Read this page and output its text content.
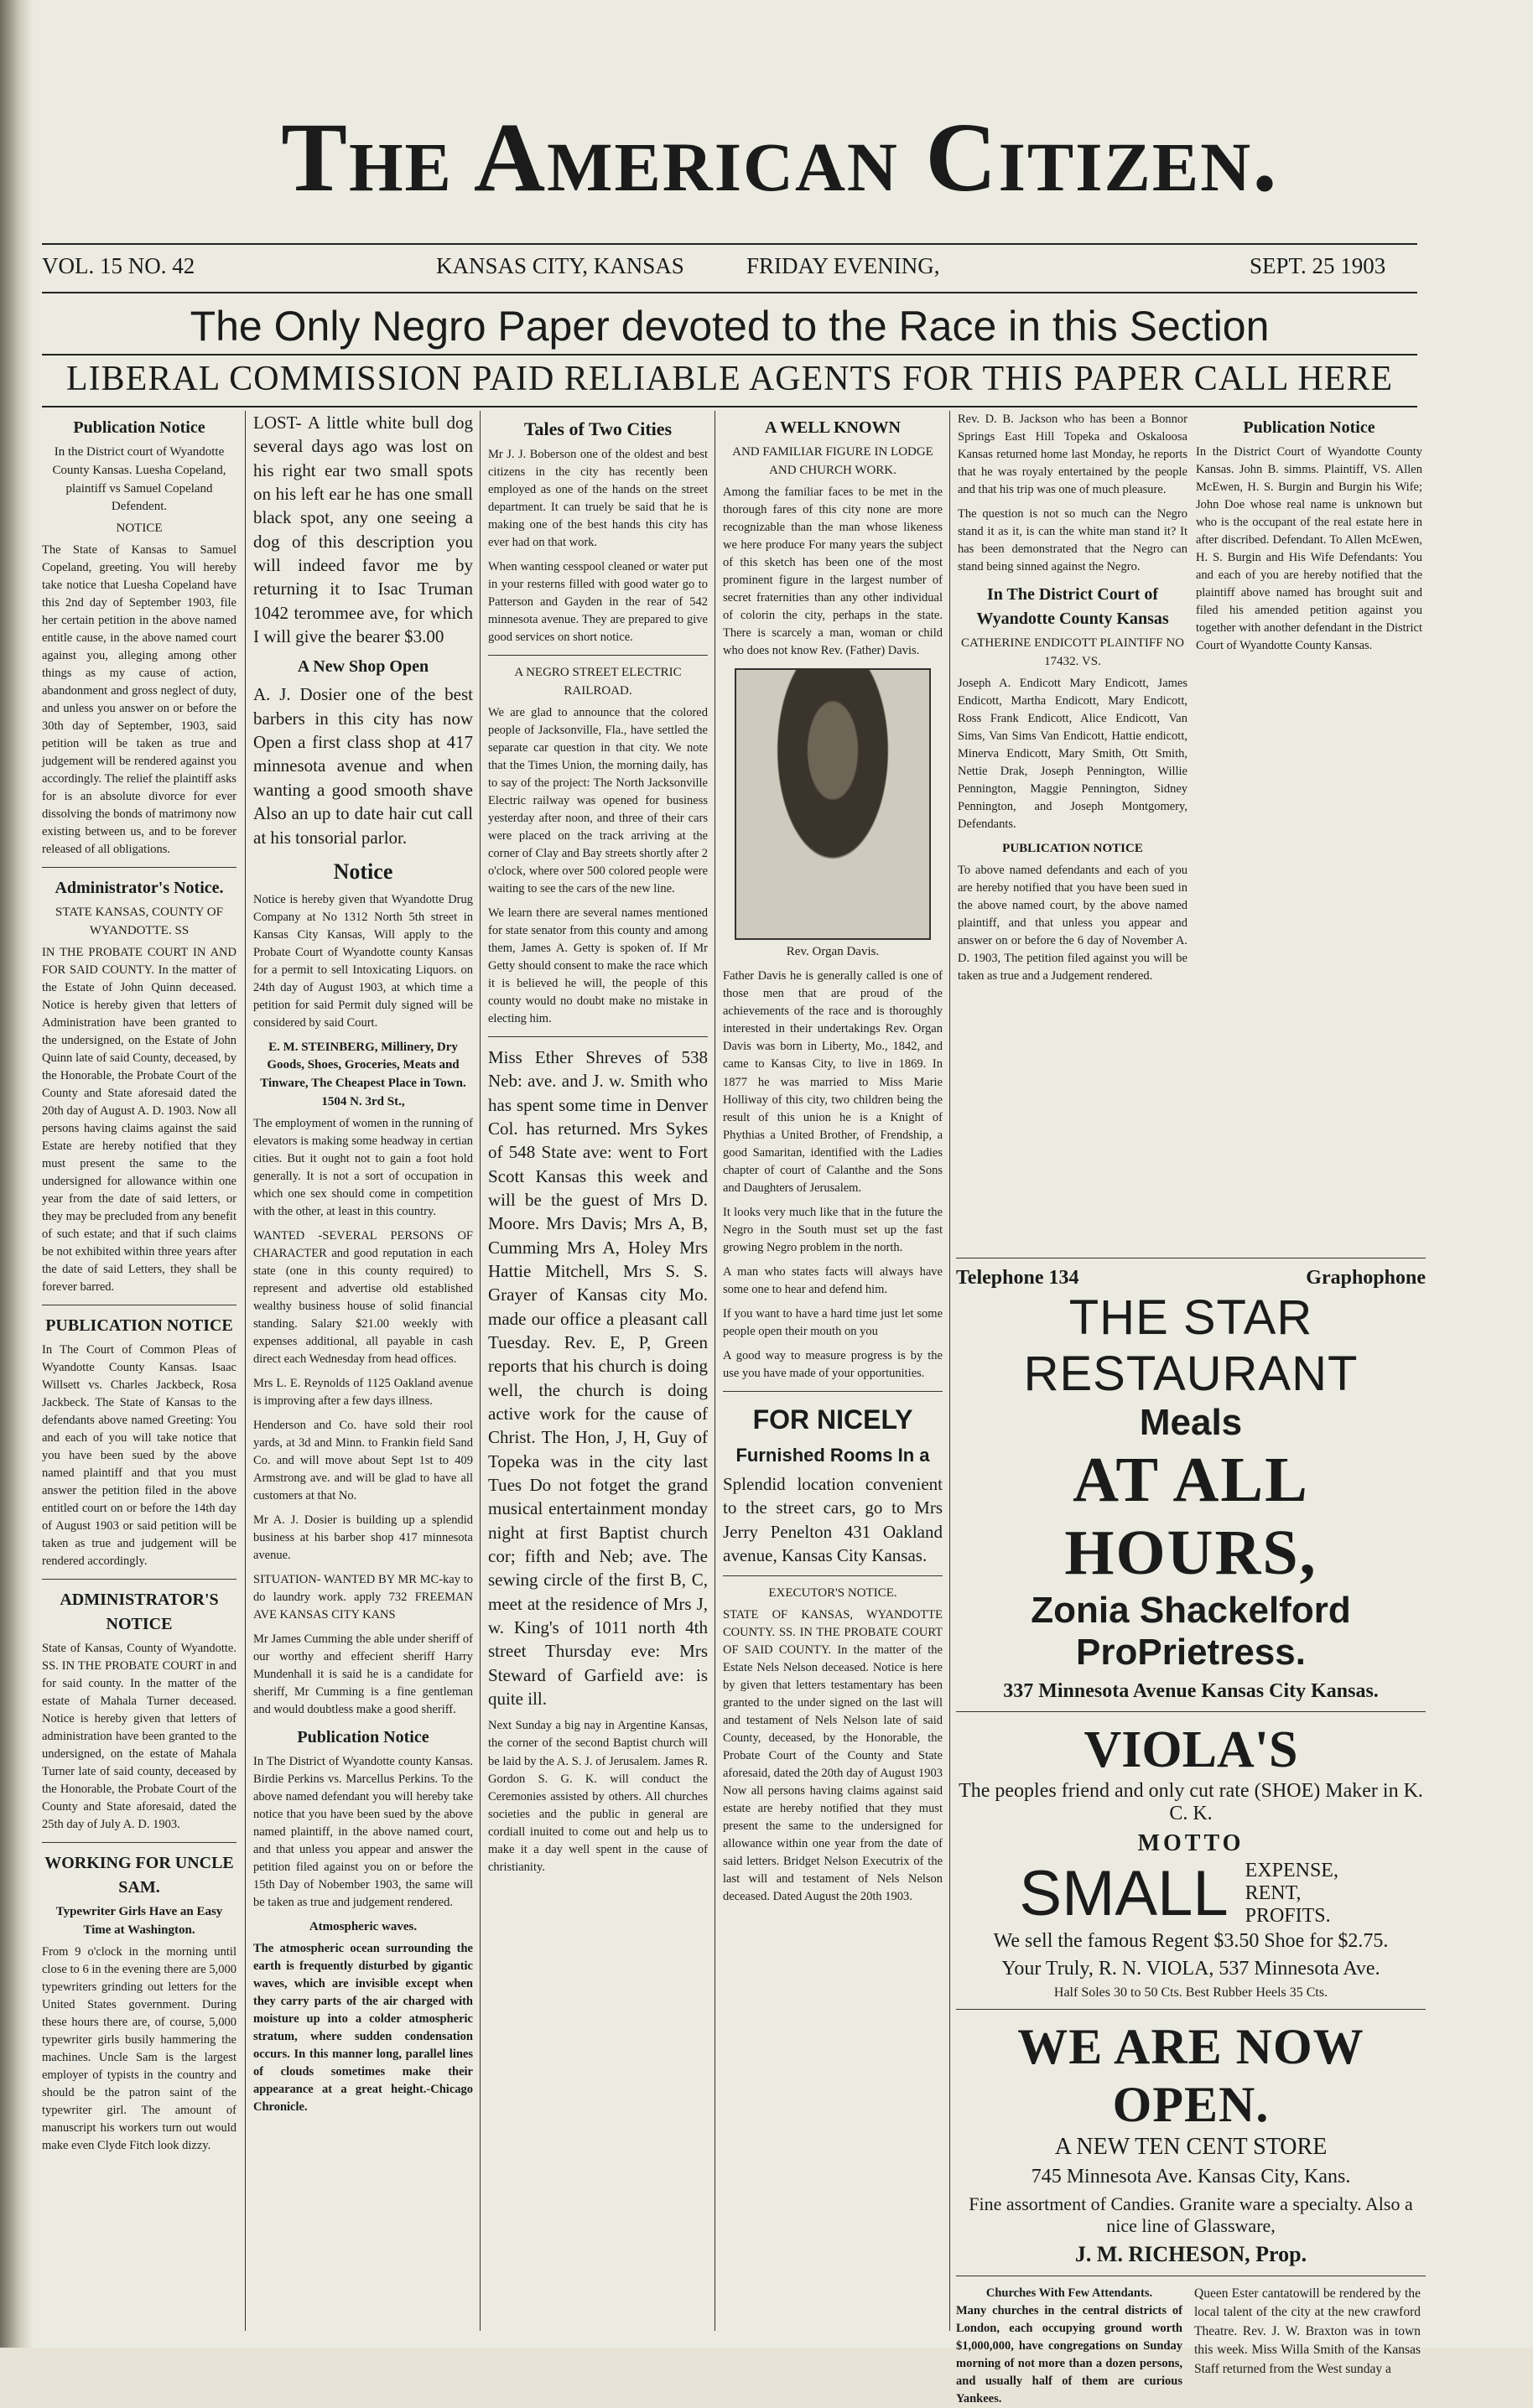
The American Citizen.
VOL. 15 NO. 42	KANSAS CITY, KANSAS	FRIDAY EVENING,	SEPT. 25 1903
The Only Negro Paper devoted to the Race in this Section
LIBERAL COMMISSION PAID RELIABLE AGENTS FOR THIS PAPER CALL HERE
Publication Notice
In the District court of Wyandotte County Kansas. Luesha Copeland, plaintiff vs Samuel Copeland Defendent.
NOTICE

The State of Kansas to Samuel Copeland, greeting. You will hereby take notice that Luesha Copeland have this 2nd day of September 1903, file her certain petition in the above named entitle cause, in the above named court against you, alleging among other things as my cause of action, abandonment and gross neglect of duty, and unless you answer on or before the 30th day of September, 1903, said petition will be taken as true and judgement will be rendered against you accordingly. The relief the plaintiff asks for is an absolute divorce for ever dissolving the bonds of matrimony now existing between us, and to be forever released of all obligations.

Administrator's Notice.
STATE KANSAS, COUNTY OF WYANDOTTE. SS

IN THE PROBATE COURT IN AND FOR SAID COUNTY. In the matter of the Estate of John Quinn deceased. Notice is hereby given that letters of Administration have been granted to the undersigned, on the Estate of John Quinn late of said County, deceased, by the Honorable, the Probate Court of the County and State aforesaid dated the 20th day of August A. D. 1903. Now all persons having claims against the said Estate are hereby notified that they must present the same to the undersigned for allowance within one year from the date of said letters, or they may be precluded from any benefit of such estate; and that if such claims be not exhibited within three years after the date of said Letters, they shall be forever barred.

PUBLICATION NOTICE

In The Court of Common Pleas of Wyandotte County Kansas. Isaac Willsett vs. Charles Jackbeck, Rosa Jackbeck. The State of Kansas to the defendants above named Greeting: You and each of you will take notice that you have been sued by the above named plaintiff and that you must answer the petition filed in the above entitled court on or before the 14th day of August 1903 or said petition will be taken as true and judgement will be rendered accordingly.

ADMINISTRATOR'S NOTICE

State of Kansas, County of Wyandotte. SS. IN THE PROBATE COURT in and for said county. In the matter of the estate of Mahala Turner deceased. Notice is hereby given that letters of administration have been granted to the undersigned, on the estate of Mahala Turner late of said county, deceased by the Honorable, the Probate Court of the County and State aforesaid, dated the 25th day of July A. D. 1903.

WORKING FOR UNCLE SAM.
Typewriter Girls Have an Easy Time at Washington.

From 9 o'clock in the morning until close to 6 in the evening there are 5,000 typewriters grinding out letters for the United States government. During these hours there are, of course, 5,000 typewriter girls busily hammering the machines. Uncle Sam is the largest employer of typists in the country and should be the patron saint of the typewriter girl. The amount of manuscript his workers turn out would make even Clyde Fitch look dizzy.

LOST- A little white bull dog several days ago was lost on his right ear two small spots on his left ear he has one small black spot, any one seeing a dog of this description you will indeed favor me by returning it to Isac Truman 1042 terommee ave, for which I will give the bearer $3.00

A New Shop Open

A. J. Dosier one of the best barbers in this city has now Open a first class shop at 417 minnesota avenue and when wanting a good smooth shave Also an up to date hair cut call at his tonsorial parlor.

Notice

Notice is hereby given that Wyandotte Drug Company at No 1312 North 5th street in Kansas City Kansas, Will apply to the Probate Court of Wyandotte county Kansas for a permit to sell Intoxicating Liquors. on 24th day of August 1903, at which time a petition for said Permit duly signed will be considered by said Court.

E. M. STEINBERG, Millinery, Dry Goods, Shoes, Groceries, Meats and Tinware, The Cheapest Place in Town. 1504 N. 3rd St.,

The employment of women in the running of elevators is making some headway in certian cities. But it ought not to gain a foot hold generally. It is not a sort of occupation in which one sex should come in competition with the other, at least in this country.

WANTED -SEVERAL PERSONS OF CHARACTER and good reputation in each state (one in this county required) to represent and advertise old established wealthy business house of solid financial standing. Salary $21.00 weekly with expenses additional, all payable in cash direct each Wednesday from head offices.

Mrs L. E. Reynolds of 1125 Oakland avenue is improving after a few days illness.

Henderson and Co. have sold their rool yards, at 3d and Minn. to Frankin field Sand Co. and will move about Sept 1st to 409 Armstrong ave. and will be glad to have all customers at that No.

Mr A. J. Dosier is building up a splendid business at his barber shop 417 minnesota avenue.

SITUATION- WANTED BY MR MC-kay to do laundry work. apply 732 FREEMAN AVE KANSAS CITY KANS

Mr James Cumming the able under sheriff of our worthy and effecient sheriff Harry Mundenhall it is said he is a candidate for sheriff, Mr Cumming is a fine gentleman and would doubtless make a good sheriff.

Publication Notice

In The District of Wyandotte county Kansas. Birdie Perkins vs. Marcellus Perkins. To the above named defendant you will hereby take notice that you have been sued by the above named plaintiff, in the above named court, and that unless you appear and answer the petition filed against you on or before the 15th Day of Nobember 1903, the same will be taken as true and judgement rendered.

Atmospheric waves.

The atmospheric ocean surrounding the earth is frequently disturbed by gigantic waves, which are invisible except when they carry parts of the air charged with moisture up into a colder atmospheric stratum, where sudden condensation occurs. In this manner long, parallel lines of clouds sometimes make their appearance at a great height.-Chicago Chronicle.

Tales of Two Cities

Mr J. J. Boberson one of the oldest and best citizens in the city has recently been employed as one of the hands on the street department. It can truely be said that he is making one of the best hands this city has ever had on that work.

When wanting cesspool cleaned or water put in your resterns filled with good water go to Patterson and Gayden in the rear of 542 minnesota avenue. They are prepared to give good services on short notice.

A NEGRO STREET ELECTRIC RAILROAD.

We are glad to announce that the colored people of Jacksonville, Fla., have settled the separate car question in that city. We note that the Times Union, the morning daily, has to say of the project: The North Jacksonville Electric railway was opened for business yesterday after noon, and three of their cars were placed on the track arriving at the corner of Clay and Bay streets shortly after 2 o'clock, where over 500 colored people were waiting to see the cars of the new line.

We learn there are several names mentioned for state senator from this county and among them, James A. Getty is spoken of. If Mr Getty should consent to make the race which it is believed he will, the people of this county would no doubt make no mistake in electing him.

Miss Ether Shreves of 538 Neb: ave. and J. w. Smith who has spent some time in Denver Col. has returned. Mrs Sykes of 548 State ave: went to Fort Scott Kansas this week and will be the guest of Mrs D. Moore. Mrs Davis; Mrs A, B, Cumming Mrs A, Holey Mrs Hattie Mitchell, Mrs S. S. Grayer of Kansas city Mo. made our office a pleasant call Tuesday. Rev. E, P, Green reports that his church is doing well, the church is doing active work for the cause of Christ. The Hon, J, H, Guy of Topeka was in the city last Tues Do not fotget the grand musical entertainment monday night at first Baptist church cor; fifth and Neb; ave. The sewing circle of the first B, C, meet at the residence of Mrs J, w. King's of 1011 north 4th street Thursday eve: Mrs Steward of Garfield ave: is quite ill.

Next Sunday a big nay in Argentine Kansas, the corner of the second Baptist church will be laid by the A. S. J. of Jerusalem. James R. Gordon S. G. K. will conduct the Ceremonies assisted by others. All churches societies and the public in general are cordiall inuited to come out and help us to make it a day well spent in the cause of christianity.

A WELL KNOWN
AND FAMILIAR FIGURE IN LODGE AND CHURCH WORK.

Among the familiar faces to be met in the thorough fares of this city none are more recognizable than the man whose likeness we here produce For many years the subject of this sketch has been one of the most prominent figure in the largest number of secret fraternities than any other individual of colorin the city, perhaps in the state. There is scarcely a man, woman or child who does not know Rev. (Father) Davis.

Rev. Organ Davis.

Father Davis he is generally called is one of those men that are proud of the achievements of the race and is thoroughly interested in their undertakings Rev. Organ Davis was born in Liberty, Mo., 1842, and came to Kansas City, to live in 1869. In 1877 he was married to Miss Marie Holliway of this city, two children being the result of this union he is a Knight of Phythias a United Brother, of Frendship, a good Samaritan, identified with the Ladies chapter of court of Calanthe and the Sons and Daughters of Jerusalem.

It looks very much like that in the future the Negro in the South must set up the fast growing Negro problem in the north.

A man who states facts will always have some one to hear and defend him.

If you want to have a hard time just let some people open their mouth on you

A good way to measure progress is by the use you have made of your opportunities.

FOR NICELY
Furnished Rooms In a

Splendid location convenient to the street cars, go to Mrs Jerry Penelton 431 Oakland avenue, Kansas City Kansas.

EXECUTOR'S NOTICE.

STATE OF KANSAS, WYANDOTTE COUNTY. SS. IN THE PROBATE COURT OF SAID COUNTY. In the matter of the Estate Nels Nelson deceased. Notice is here by given that letters testamentary has been granted to the under signed on the last will and testament of Nels Nelson late of said County, deceased, by the Honorable, the Probate Court of the County and State aforesaid, dated the 20th day of August 1903 Now all persons having claims against said estate are hereby notified that they must present the same to the undersigned for allowance within one year from the date of said letters. Bridget Nelson Executrix of the last will and testament of Nels Nelson deceased. Dated August the 20th 1903.

Rev. D. B. Jackson who has been a Bonnor Springs East Hill Topeka and Oskaloosa Kansas returned home last Monday, he reports that he was royaly entertained by the people and that his trip was one of much pleasure.

The question is not so much can the Negro stand it as it, is can the white man stand it? It has been demonstrated that the Negro can stand being sinned against the Negro.

In The District Court of Wyandotte County Kansas
CATHERINE ENDICOTT PLAINTIFF NO 17432. VS.

Joseph A. Endicott Mary Endicott, James Endicott, Martha Endicott, Mary Endicott, Ross Frank Endicott, Alice Endicott, Van Sims, Van Sims Van Endicott, Hattie endicott, Minerva Endicott, Mary Smith, Ott Smith, Nettie Drak, Joseph Pennington, Willie Pennington, Maggie Pennington, Sidney Pennington, and Joseph Montgomery, Defendants.

PUBLICATION NOTICE

To above named defendants and each of you are hereby notified that you have been sued in the above named court, by the above named plaintiff, and that unless you appear and answer on or before the 6 day of November A. D. 1903, The petition filed against you will be taken as true and a Judgement rendered.

Publication Notice

In the District Court of Wyandotte County Kansas. John B. simms. Plaintiff, VS. Allen McEwen, H. S. Burgin and Burgin his Wife; John Doe whose real name is unknown but who is the occupant of the real estate here in after discribed. Defendant. To Allen McEwen, H. S. Burgin and His Wife Defendants: You and each of you are hereby notified that the plaintiff above named has brought suit and filed his amended petition against you together with another defendant in the District Court of Wyandotte County Kansas.

Telephone 134	Graphophone
THE STAR RESTAURANT
Meals
AT ALL HOURS,
Zonia Shackelford ProPrietress.
337 Minnesota Avenue Kansas City Kansas.
VIOLA'S
The peoples friend and only cut rate (SHOE) Maker in K. C. K.
MOTTO
SMALL EXPENSE, RENT, PROFITS.
We sell the famous Regent $3.50 Shoe for $2.75.
Your Truly, R. N. VIOLA, 537 Minnesota Ave.
Half Soles 30 to 50 Cts. Best Rubber Heels 35 Cts.
WE ARE NOW OPEN.
A NEW TEN CENT STORE
745 Minnesota Ave. Kansas City, Kans.
Fine assortment of Candies. Granite ware a specialty. Also a nice line of Glassware,
J. M. RICHESON, Prop.
Churches With Few Attendants.
Many churches in the central districts of London, each occupying ground worth $1,000,000, have congregations on Sunday morning of not more than a dozen persons, and usually half of them are curious Yankees.
Queen Ester cantatowill be rendered by the local talent of the city at the new crawford Theatre. Rev. J. W. Braxton was in town this week. Miss Willa Smith of the Kansas Staff returned from the West sunday a
